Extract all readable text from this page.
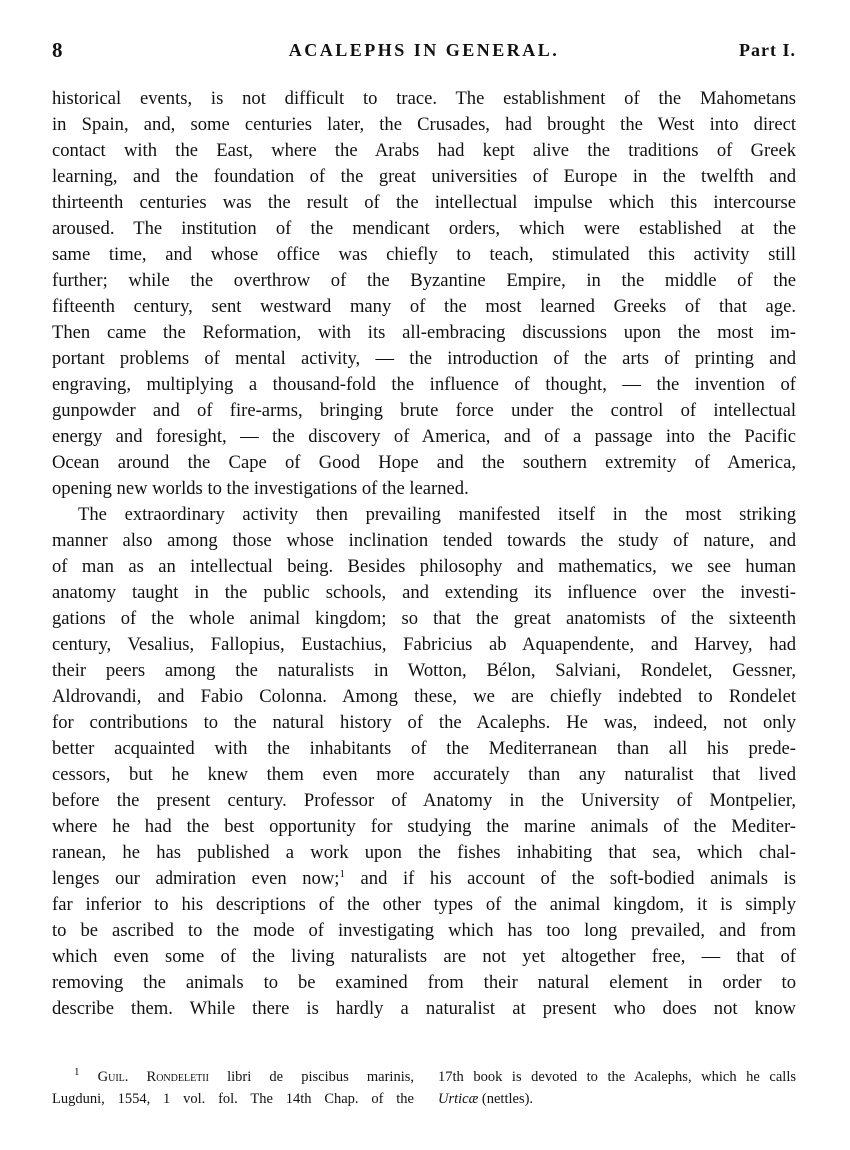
8	ACALEPHS IN GENERAL.	Part I.

historical events, is not difficult to trace. The establishment of the Mahometans
in Spain, and, some centuries later, the Crusades, had brought the West into direct
contact with the East, where the Arabs had kept alive the traditions of Greek
learning, and the foundation of the great universities of Europe in the twelfth and
thirteenth centuries was the result of the intellectual impulse which this intercourse
aroused. The institution of the mendicant orders, which were established at the
same time, and whose office was chiefly to teach, stimulated this activity still
further; while the overthrow of the Byzantine Empire, in the middle of the
fifteenth century, sent westward many of the most learned Greeks of that age.
Then came the Reformation, with its all-embracing discussions upon the most im-
portant problems of mental activity, — the introduction of the arts of printing and
engraving, multiplying a thousand-fold the influence of thought, — the invention of
gunpowder and of fire-arms, bringing brute force under the control of intellectual
energy and foresight, — the discovery of America, and of a passage into the Pacific
Ocean around the Cape of Good Hope and the southern extremity of America,
opening new worlds to the investigations of the learned.

The extraordinary activity then prevailing manifested itself in the most striking
manner also among those whose inclination tended towards the study of nature, and
of man as an intellectual being. Besides philosophy and mathematics, we see human
anatomy taught in the public schools, and extending its influence over the investi-
gations of the whole animal kingdom; so that the great anatomists of the sixteenth
century, Vesalius, Fallopius, Eustachius, Fabricius ab Aquapendente, and Harvey, had
their peers among the naturalists in Wotton, Bélon, Salviani, Rondelet, Gessner,
Aldrovandi, and Fabio Colonna. Among these, we are chiefly indebted to Rondelet
for contributions to the natural history of the Acalephs. He was, indeed, not only
better acquainted with the inhabitants of the Mediterranean than all his prede-
cessors, but he knew them even more accurately than any naturalist that lived
before the present century. Professor of Anatomy in the University of Montpelier,
where he had the best opportunity for studying the marine animals of the Mediter-
ranean, he has published a work upon the fishes inhabiting that sea, which chal-
lenges our admiration even now;$^1$ and if his account of the soft-bodied animals is
far inferior to his descriptions of the other types of the animal kingdom, it is simply
to be ascribed to the mode of investigating which has too long prevailed, and from
which even some of the living naturalists are not yet altogether free, — that of
removing the animals to be examined from their natural element in order to
describe them. While there is hardly a naturalist at present who does not know

$^1$ Guil. Rondeletii libri de piscibus marinis,
Lugduni, 1554, 1 vol. fol. The 14th Chap. of the
17th book is devoted to the Acalephs, which he calls
Urticæ (nettles).
